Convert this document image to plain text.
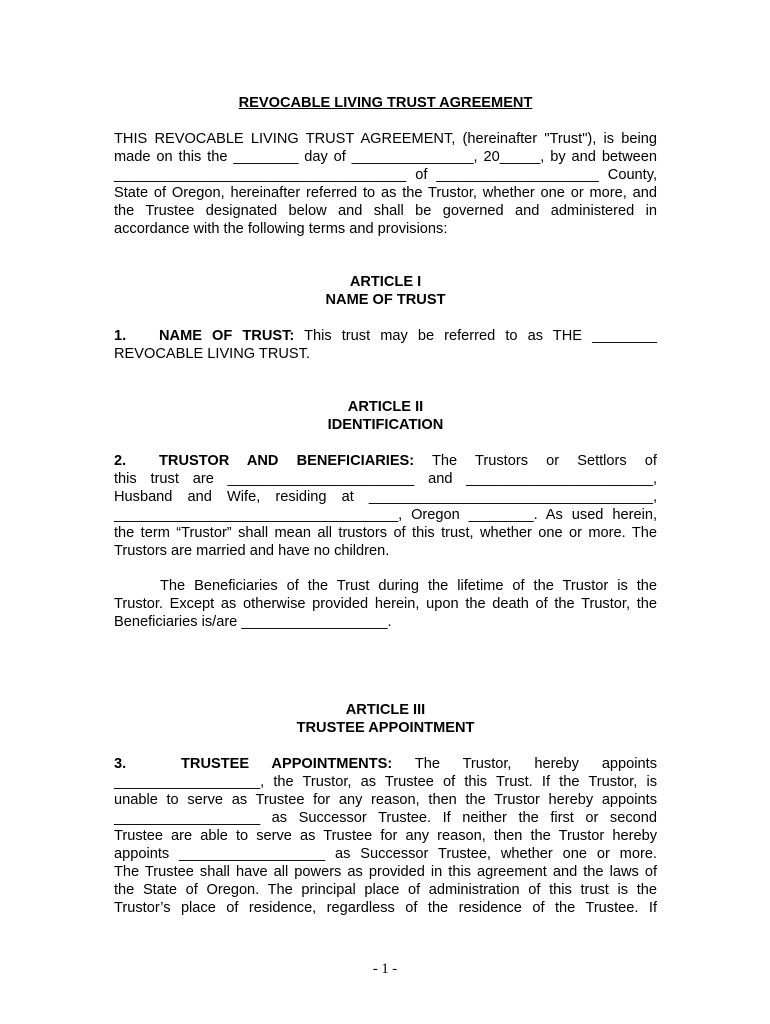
REVOCABLE LIVING TRUST AGREEMENT
THIS REVOCABLE LIVING TRUST AGREEMENT, (hereinafter "Trust"), is being
made on this the ________ day of _______________, 20_____, by and between
____________________________________ of ____________________ County,
State of Oregon, hereinafter referred to as the Trustor, whether one or more, and
the Trustee designated below and shall be governed and administered in
accordance with the following terms and provisions:
ARTICLE I
NAME OF TRUST
1. NAME OF TRUST: This trust may be referred to as THE ________
REVOCABLE LIVING TRUST.
ARTICLE II
IDENTIFICATION
2. TRUSTOR AND BENEFICIARIES: The Trustors or Settlors of
this trust are _______________________ and _______________________,
Husband and Wife, residing at ___________________________________,
___________________________________, Oregon ________. As used herein,
the term “Trustor” shall mean all trustors of this trust, whether one or more. The
Trustors are married and have no children.
The Beneficiaries of the Trust during the lifetime of the Trustor is the
Trustor. Except as otherwise provided herein, upon the death of the Trustor, the
Beneficiaries is/are __________________.
ARTICLE III
TRUSTEE APPOINTMENT
3.	TRUSTEE APPOINTMENTS: The Trustor, hereby appoints
__________________, the Trustor, as Trustee of this Trust. If the Trustor, is
unable to serve as Trustee for any reason, then the Trustor hereby appoints
__________________ as Successor Trustee. If neither the first or second
Trustee are able to serve as Trustee for any reason, then the Trustor hereby
appoints __________________ as Successor Trustee, whether one or more.
The Trustee shall have all powers as provided in this agreement and the laws of
the State of Oregon. The principal place of administration of this trust is the
Trustor’s place of residence, regardless of the residence of the Trustee. If
- 1 -
